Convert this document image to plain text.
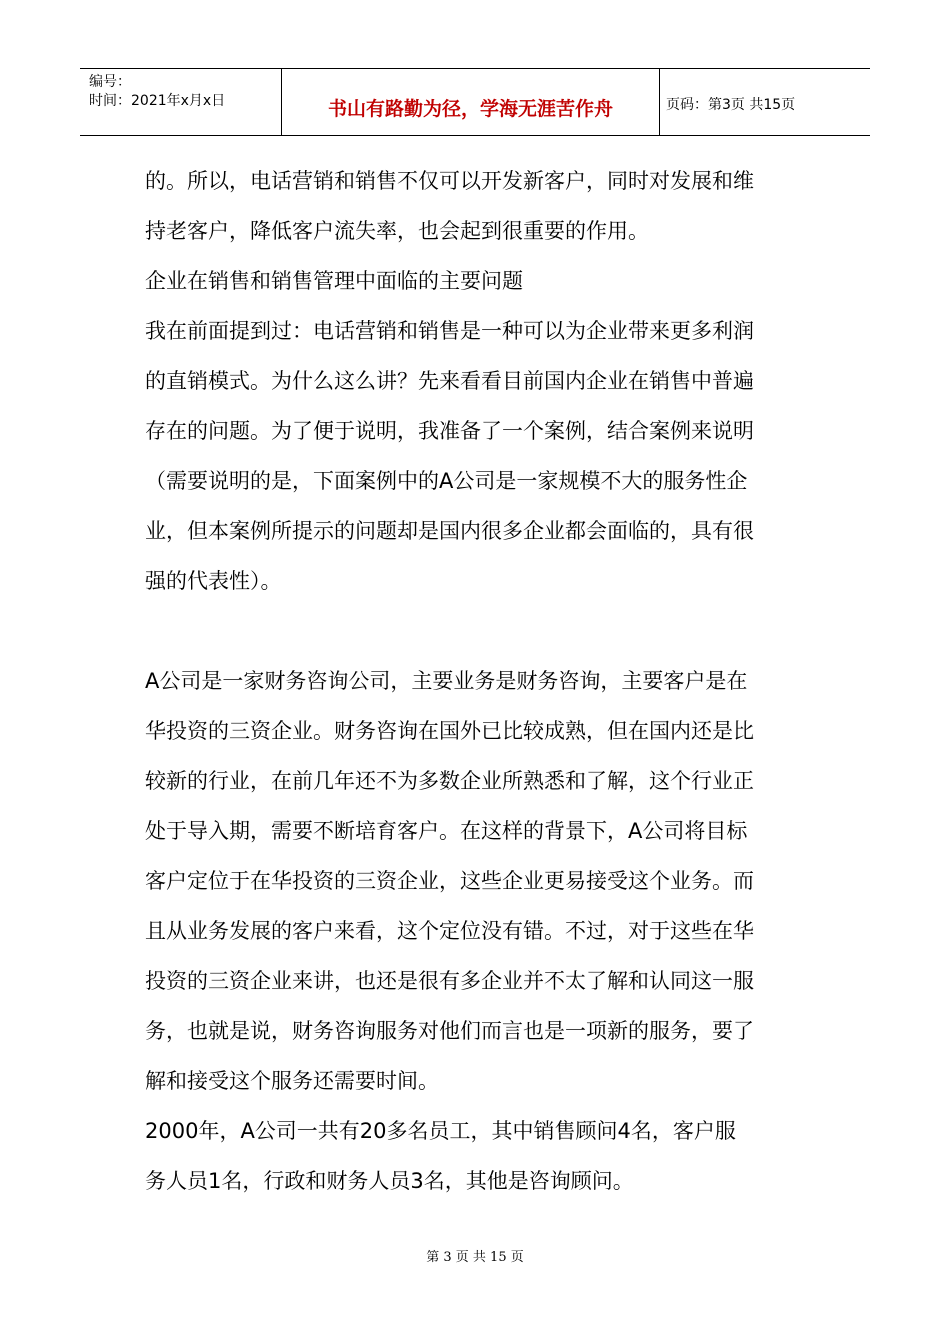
编号：
时间：2021年x月x日	书山有路勤为径，学海无涯苦作舟	页码：第3页 共15页

的。所以，电话营销和销售不仅可以开发新客户，同时对发展和维
持老客户，降低客户流失率，也会起到很重要的作用。

企业在销售和销售管理中面临的主要问题

我在前面提到过：电话营销和销售是一种可以为企业带来更多利润
的直销模式。为什么这么讲？先来看看目前国内企业在销售中普遍
存在的问题。为了便于说明，我准备了一个案例，结合案例来说明
（需要说明的是，下面案例中的A公司是一家规模不大的服务性企
业，但本案例所提示的问题却是国内很多企业都会面临的，具有很
强的代表性）。

A公司是一家财务咨询公司，主要业务是财务咨询，主要客户是在
华投资的三资企业。财务咨询在国外已比较成熟，但在国内还是比
较新的行业，在前几年还不为多数企业所熟悉和了解，这个行业正
处于导入期，需要不断培育客户。在这样的背景下，A公司将目标
客户定位于在华投资的三资企业，这些企业更易接受这个业务。而
且从业务发展的客户来看，这个定位没有错。不过，对于这些在华
投资的三资企业来讲，也还是很有多企业并不太了解和认同这一服
务，也就是说，财务咨询服务对他们而言也是一项新的服务，要了
解和接受这个服务还需要时间。

2000年，A公司一共有20多名员工，其中销售顾问4名，客户服
务人员1名，行政和财务人员3名，其他是咨询顾问。

第 3 页 共 15 页
